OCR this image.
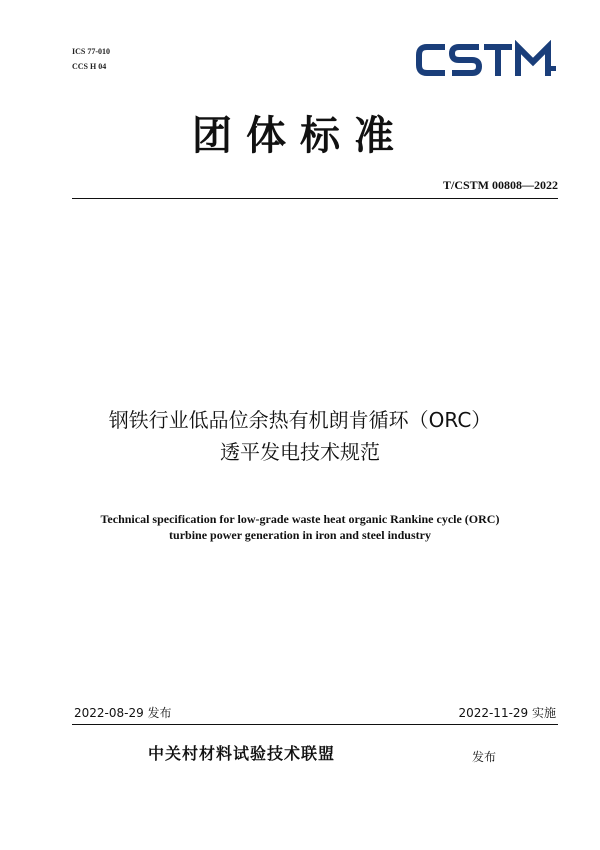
ICS 77-010
CCS H 04
团体标准
T/CSTM 00808—2022
钢铁行业低品位余热有机朗肯循环（ORC）
透平发电技术规范
Technical specification for low-grade waste heat organic Rankine cycle (ORC)
turbine power generation in iron and steel industry
2022-08-29 发布	2022-11-29 实施
中关村材料试验技术联盟	发布
